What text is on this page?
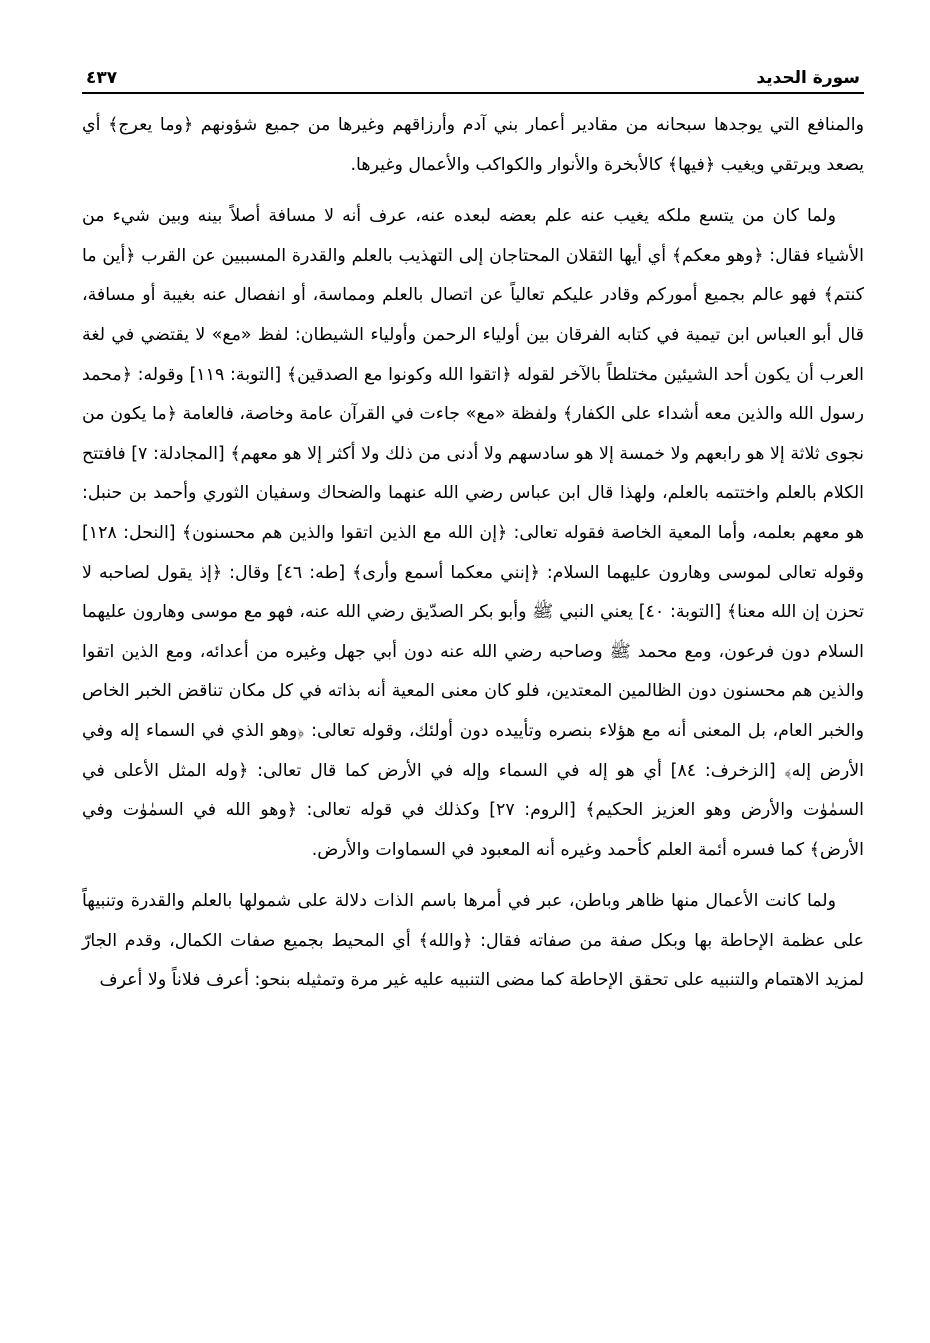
سورة الحديد
٤٣٧

والمنافع التي يوجدها سبحانه من مقادير أعمار بني آدم وأرزاقهم وغيرها من جميع شؤونهم ﴿وما يعرج﴾ أي يصعد ويرتقي ويغيب ﴿فيها﴾ كالأبخرة والأنوار والكواكب والأعمال وغيرها.

ولما كان من يتسع ملكه يغيب عنه علم بعضه لبعده عنه، عرف أنه لا مسافة أصلاً بينه وبين شيء من الأشياء فقال: ﴿وهو معكم﴾ أي أيها الثقلان المحتاجان إلى التهذيب بالعلم والقدرة المسببين عن القرب ﴿أين ما كنتم﴾ فهو عالم بجميع أموركم وقادر عليكم تعالياً عن اتصال بالعلم ومماسة، أو انفصال عنه بغيبة أو مسافة، قال أبو العباس ابن تيمية في كتابه الفرقان بين أولياء الرحمن وأولياء الشيطان: لفظ «مع» لا يقتضي في لغة العرب أن يكون أحد الشيئين مختلطاً بالآخر لقوله ﴿اتقوا الله وكونوا مع الصدقين﴾ [التوبة: ١١٩] وقوله: ﴿محمد رسول الله والذين معه أشداء على الكفار﴾ ولفظة «مع» جاءت في القرآن عامة وخاصة، فالعامة ﴿ما يكون من نجوى ثلاثة إلا هو رابعهم ولا خمسة إلا هو سادسهم ولا أدنى من ذلك ولا أكثر إلا هو معهم﴾ [المجادلة: ٧] فافتتح الكلام بالعلم واختتمه بالعلم، ولهذا قال ابن عباس رضي الله عنهما والضحاك وسفيان الثوري وأحمد بن حنبل: هو معهم بعلمه، وأما المعية الخاصة فقوله تعالى: ﴿إن الله مع الذين اتقوا والذين هم محسنون﴾ [النحل: ١٢٨] وقوله تعالى لموسى وهارون عليهما السلام: ﴿إنني معكما أسمع وأرى﴾ [طه: ٤٦] وقال: ﴿إذ يقول لصاحبه لا تحزن إن الله معنا﴾ [التوبة: ٤٠] يعني النبي ﷺ وأبو بكر الصدّيق رضي الله عنه، فهو مع موسى وهارون عليهما السلام دون فرعون، ومع محمد ﷺ وصاحبه رضي الله عنه دون أبي جهل وغيره من أعدائه، ومع الذين اتقوا والذين هم محسنون دون الظالمين المعتدين، فلو كان معنى المعية أنه بذاته في كل مكان تناقض الخبر الخاص والخبر العام، بل المعنى أنه مع هؤلاء بنصره وتأييده دون أولئك، وقوله تعالى: ﴿وهو الذي في السماء إله وفي الأرض إله﴾ [الزخرف: ٨٤] أي هو إله في السماء وإله في الأرض كما قال تعالى: ﴿وله المثل الأعلى في السمٰوٰت والأرض وهو العزيز الحكيم﴾ [الروم: ٢٧] وكذلك في قوله تعالى: ﴿وهو الله في السمٰوٰت وفي الأرض﴾ كما فسره أئمة العلم كأحمد وغيره أنه المعبود في السماوات والأرض.

ولما كانت الأعمال منها ظاهر وباطن، عبر في أمرها باسم الذات دلالة على شمولها بالعلم والقدرة وتنبيهاً على عظمة الإحاطة بها وبكل صفة من صفاته فقال: ﴿والله﴾ أي المحيط بجميع صفات الكمال، وقدم الجارّ لمزيد الاهتمام والتنبيه على تحقق الإحاطة كما مضى التنبيه عليه غير مرة وتمثيله بنحو: أعرف فلاناً ولا أعرف
